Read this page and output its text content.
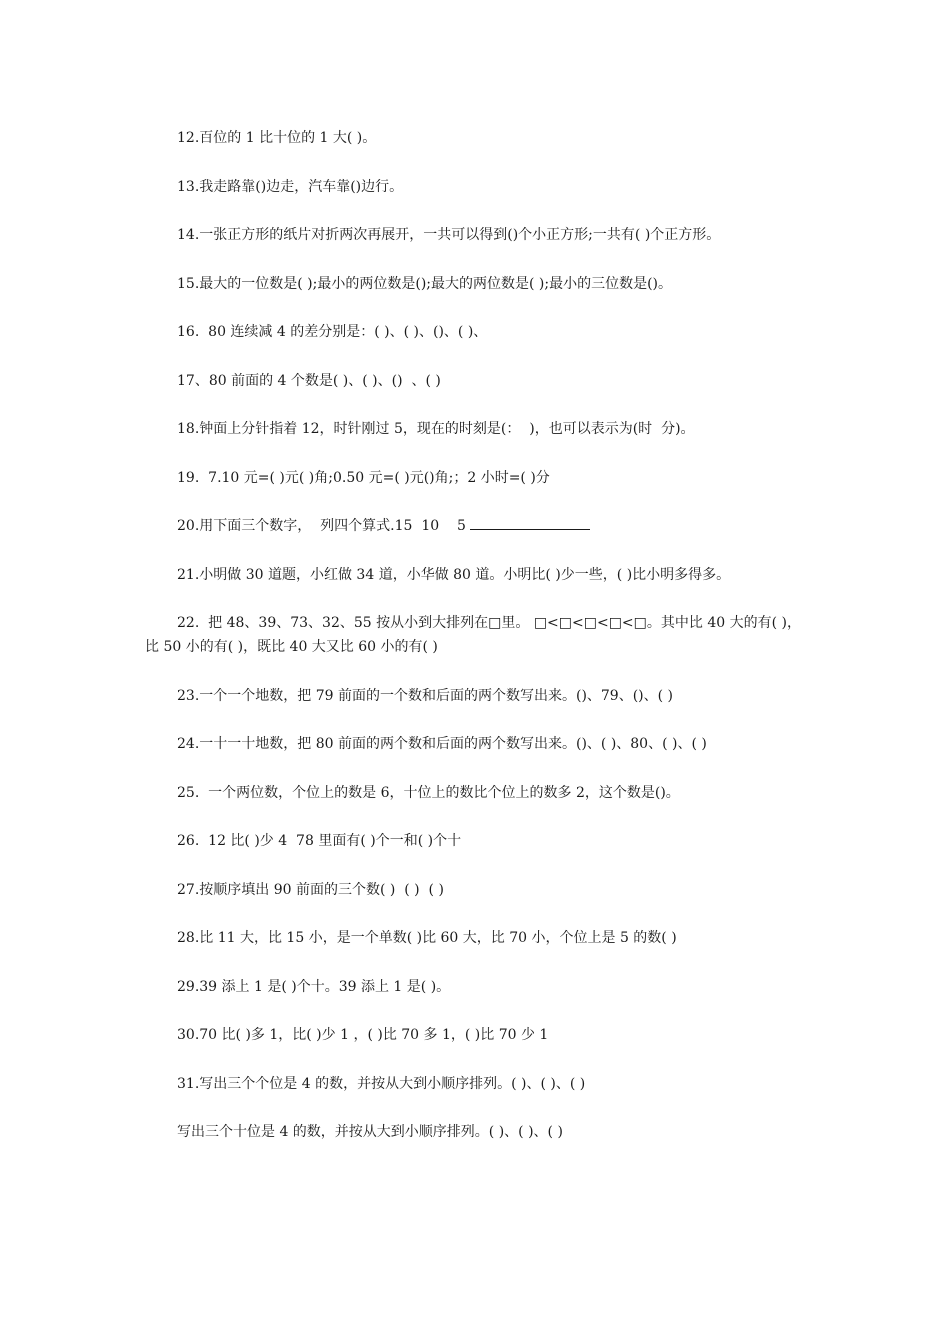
12.百位的 1 比十位的 1 大( )。

13.我走路靠()边走，汽车靠()边行。

14.一张正方形的纸片对折两次再展开，一共可以得到()个小正方形;一共有( )个正方形。

15.最大的一位数是( );最小的两位数是();最大的两位数是( );最小的三位数是()。

16.  80 连续减 4 的差分别是：( )、( )、()、( )、

17、80 前面的 4 个数是( )、( )、()  、( )

18.钟面上分针指着 12，时针刚过 5，现在的时刻是(：  )，也可以表示为(时  分)。

19.  7.10 元=( )元( )角;0.50 元=( )元()角;；2 小时=( )分

20.用下面三个数字，  列四个算式.15  10    5

21.小明做 30 道题，小红做 34 道，小华做 80 道。小明比( )少一些，( )比小明多得多。

22.  把 48、39、73、32、55 按从小到大排列在□里。 □<□<□<□<□。其中比 40 大的有( )，比 50 小的有( )，既比 40 大又比 60 小的有( )

23.一个一个地数，把 79 前面的一个数和后面的两个数写出来。()、79、()、( )

24.一十一十地数，把 80 前面的两个数和后面的两个数写出来。()、( )、80、( )、( )

25.  一个两位数，个位上的数是 6，十位上的数比个位上的数多 2，这个数是()。

26.  12 比( )少 4  78 里面有( )个一和( )个十

27.按顺序填出 90 前面的三个数( )  ( )  ( )

28.比 11 大，比 15 小，是一个单数( )比 60 大，比 70 小，个位上是 5 的数( )

29.39 添上 1 是( )个十。39 添上 1 是( )。

30.70 比( )多 1，比( )少 1 ，( )比 70 多 1，( )比 70 少 1

31.写出三个个位是 4 的数，并按从大到小顺序排列。( )、( )、( )

写出三个十位是 4 的数，并按从大到小顺序排列。( )、( )、( )
